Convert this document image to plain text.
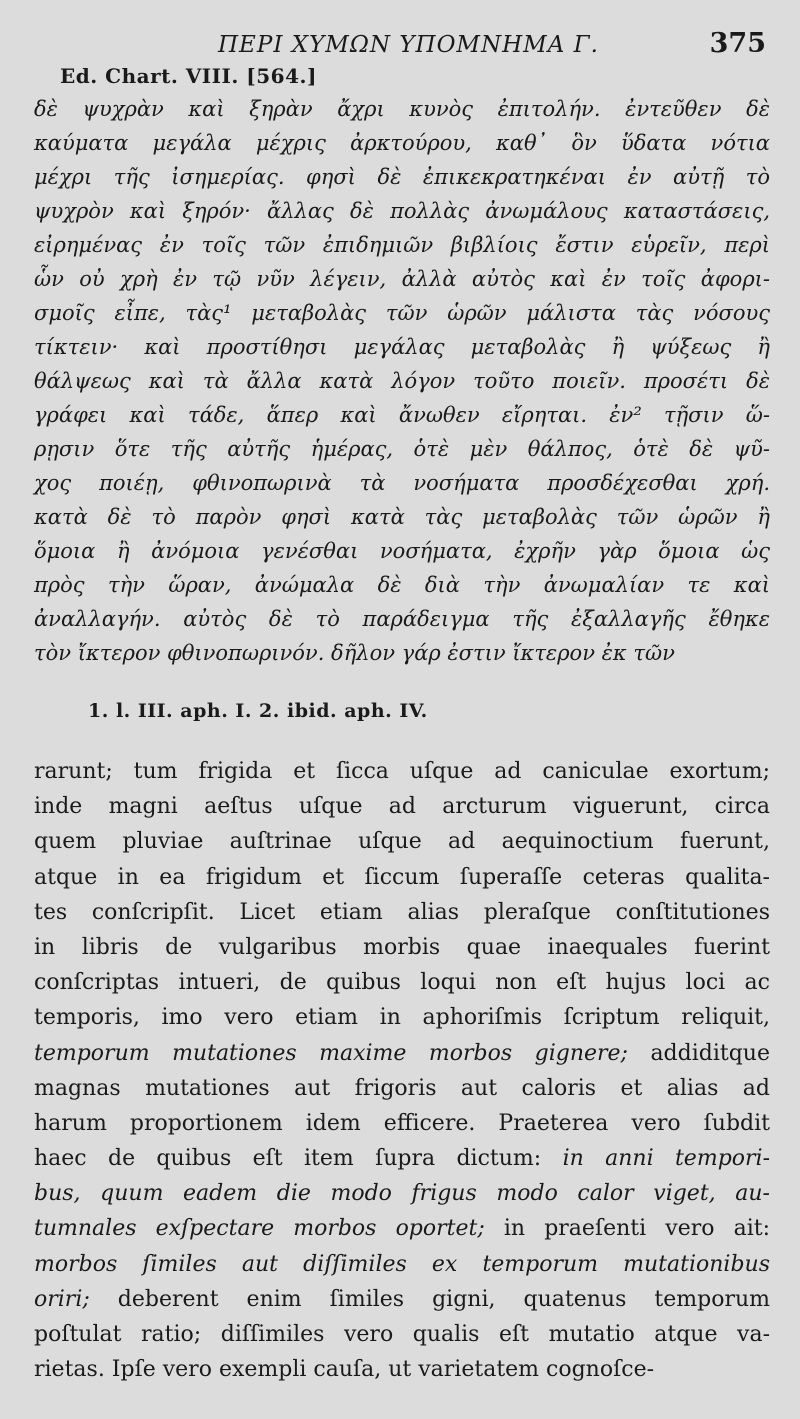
ΠΕΡΙ ΧΥΜΩΝ ΥΠΟΜΝΗΜΑ Γ.	375
Ed. Chart. VIII. [564.]
δὲ ψυχρὰν καὶ ξηρὰν ἄχρι κυνὸς ἐπιτολήν. ἐντεῦθεν δὲ
καύματα μεγάλα μέχρις ἀρκτούρου, καθ᾽ ὃν ὕδατα νότια
μέχρι τῆς ἰσημερίας. φησὶ δὲ ἐπικεκρατηκέναι ἐν αὐτῇ τὸ
ψυχρὸν καὶ ξηρόν· ἄλλας δὲ πολλὰς ἀνωμάλους καταστάσεις,
εἰρημένας ἐν τοῖς τῶν ἐπιδημιῶν βιβλίοις ἔστιν εὑρεῖν, περὶ
ὧν οὐ χρὴ ἐν τῷ νῦν λέγειν, ἀλλὰ αὐτὸς καὶ ἐν τοῖς ἀφορι-
σμοῖς εἶπε, τὰς¹ μεταβολὰς τῶν ὡρῶν μάλιστα τὰς νόσους
τίκτειν· καὶ προστίθησι μεγάλας μεταβολὰς ἢ ψύξεως ἢ
θάλψεως καὶ τὰ ἄλλα κατὰ λόγον τοῦτο ποιεῖν. προσέτι δὲ
γράφει καὶ τάδε, ἅπερ καὶ ἄνωθεν εἴρηται. ἐν² τῇσιν ὥ-
ρῃσιν ὅτε τῆς αὐτῆς ἡμέρας, ὁτὲ μὲν θάλπος, ὁτὲ δὲ ψῦ-
χος ποιέῃ, φθινοπωρινὰ τὰ νοσήματα προσδέχεσθαι χρή.
κατὰ δὲ τὸ παρὸν φησὶ κατὰ τὰς μεταβολὰς τῶν ὡρῶν ἢ
ὅμοια ἢ ἀνόμοια γενέσθαι νοσήματα, ἐχρῆν γὰρ ὅμοια ὡς
πρὸς τὴν ὥραν, ἀνώμαλα δὲ διὰ τὴν ἀνωμαλίαν τε καὶ
ἀναλλαγήν. αὐτὸς δὲ τὸ παράδειγμα τῆς ἐξαλλαγῆς ἔθηκε
τὸν ἴκτερον φθινοπωρινόν. δῆλον γάρ ἐστιν ἴκτερον ἐκ τῶν
1. l. III. aph. I. 2. ibid. aph. IV.
rarunt; tum frigida et ſicca uſque ad caniculae exortum;
inde magni aeſtus uſque ad arcturum viguerunt, circa
quem pluviae auſtrinae uſque ad aequinoctium fuerunt,
atque in ea frigidum et ſiccum ſuperaſſe ceteras qualita-
tes conſcripſit. Licet etiam alias pleraſque conſtitutiones
in libris de vulgaribus morbis quae inaequales fuerint
conſcriptas intueri, de quibus loqui non eſt hujus loci ac
temporis, imo vero etiam in aphoriſmis ſcriptum reliquit,
temporum mutationes maxime morbos gignere; addiditque
magnas mutationes aut frigoris aut caloris et alias ad
harum proportionem idem efficere. Praeterea vero ſubdit
haec de quibus eſt item ſupra dictum: in anni tempori-
bus, quum eadem die modo frigus modo calor viget, au-
tumnales exſpectare morbos oportet; in praeſenti vero ait:
morbos ſimiles aut diſſimiles ex temporum mutationibus
oriri; deberent enim ſimiles gigni, quatenus temporum
poſtulat ratio; diſſimiles vero qualis eſt mutatio atque va-
rietas. Ipſe vero exempli cauſa, ut varietatem cognoſce-
